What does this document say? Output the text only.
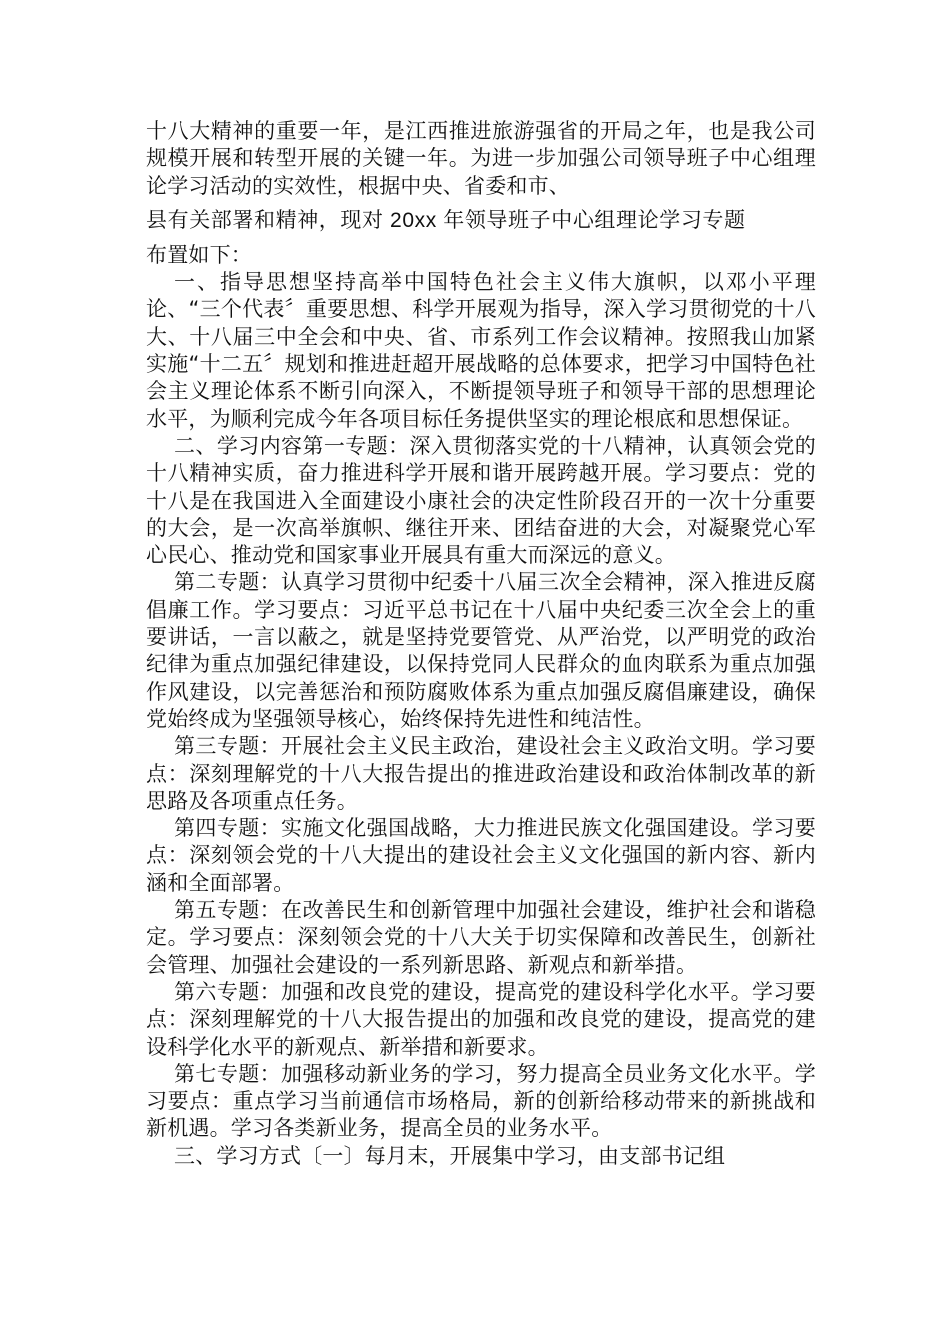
十八大精神的重要一年，是江西推进旅游强省的开局之年，也是我公司规模开展和转型开展的关键一年。为进一步加强公司领导班子中心组理论学习活动的实效性，根据中央、省委和市、

县有关部署和精神，现对 20xx 年领导班子中心组理论学习专题

布置如下：

一、指导思想坚持高举中国特色社会主义伟大旗帜，以邓小平理论、“三个代表〞重要思想、科学开展观为指导，深入学习贯彻党的十八大、十八届三中全会和中央、省、市系列工作会议精神。按照我山加紧实施“十二五〞规划和推进赶超开展战略的总体要求，把学习中国特色社会主义理论体系不断引向深入，不断提领导班子和领导干部的思想理论水平，为顺利完成今年各项目标任务提供坚实的理论根底和思想保证。

二、学习内容第一专题：深入贯彻落实党的十八精神，认真领会党的十八精神实质，奋力推进科学开展和谐开展跨越开展。学习要点：党的十八是在我国进入全面建设小康社会的决定性阶段召开的一次十分重要的大会，是一次高举旗帜、继往开来、团结奋进的大会，对凝聚党心军心民心、推动党和国家事业开展具有重大而深远的意义。

第二专题：认真学习贯彻中纪委十八届三次全会精神，深入推进反腐倡廉工作。学习要点：习近平总书记在十八届中央纪委三次全会上的重要讲话，一言以蔽之，就是坚持党要管党、从严治党，以严明党的政治纪律为重点加强纪律建设，以保持党同人民群众的血肉联系为重点加强作风建设，以完善惩治和预防腐败体系为重点加强反腐倡廉建设，确保党始终成为坚强领导核心，始终保持先进性和纯洁性。

第三专题：开展社会主义民主政治，建设社会主义政治文明。学习要点：深刻理解党的十八大报告提出的推进政治建设和政治体制改革的新思路及各项重点任务。

第四专题：实施文化强国战略，大力推进民族文化强国建设。学习要点：深刻领会党的十八大提出的建设社会主义文化强国的新内容、新内涵和全面部署。

第五专题：在改善民生和创新管理中加强社会建设，维护社会和谐稳定。学习要点：深刻领会党的十八大关于切实保障和改善民生，创新社会管理、加强社会建设的一系列新思路、新观点和新举措。

第六专题：加强和改良党的建设，提高党的建设科学化水平。学习要点：深刻理解党的十八大报告提出的加强和改良党的建设，提高党的建设科学化水平的新观点、新举措和新要求。

第七专题：加强移动新业务的学习，努力提高全员业务文化水平。学习要点：重点学习当前通信市场格局，新的创新给移动带来的新挑战和新机遇。学习各类新业务，提高全员的业务水平。

三、学习方式〔一〕每月末，开展集中学习，由支部书记组
